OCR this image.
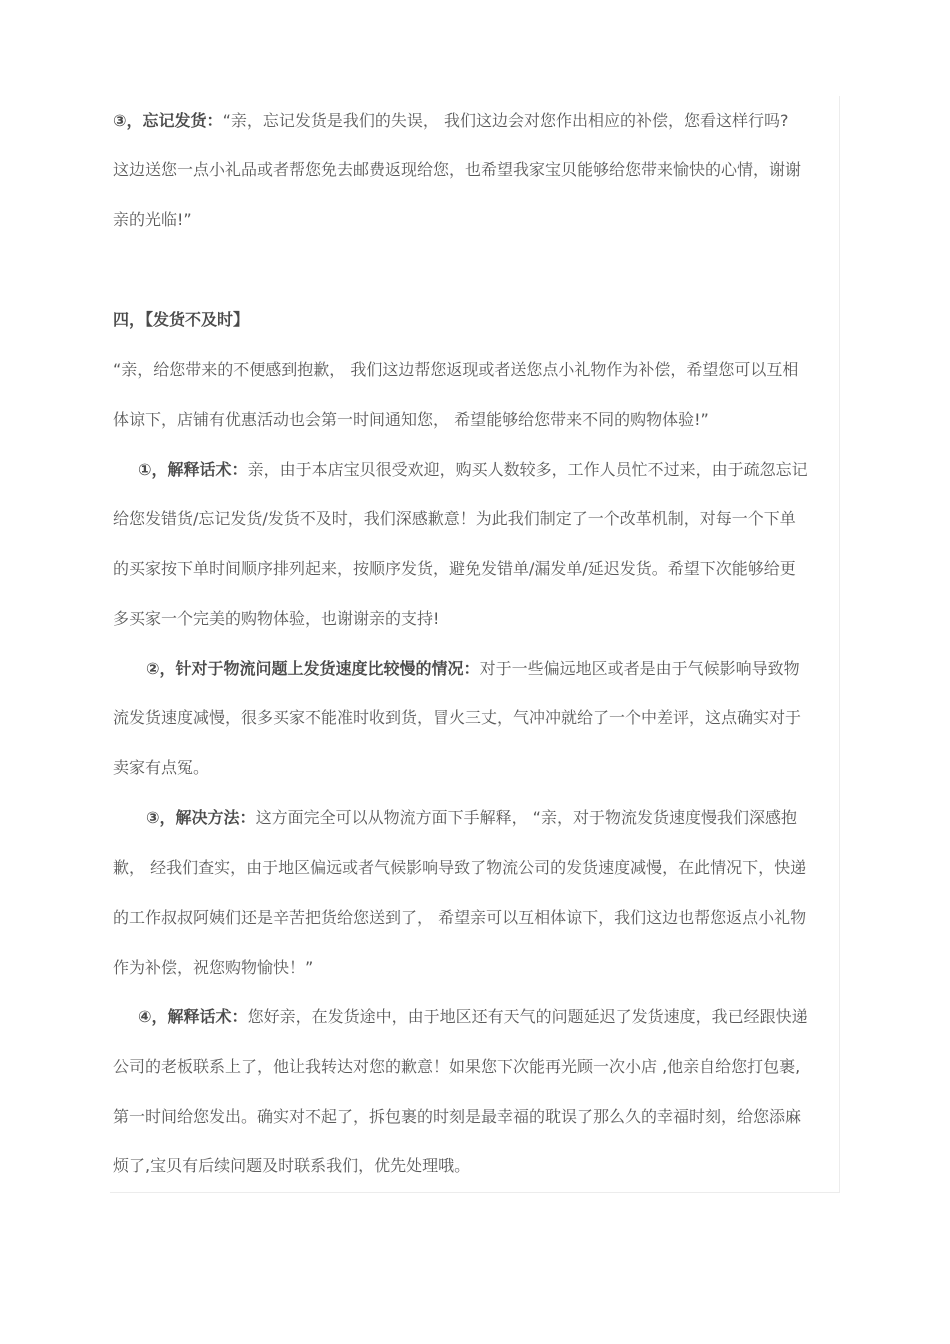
③，忘记发货：“亲，忘记发货是我们的失误， 我们这边会对您作出相应的补偿，您看这样行吗?
这边送您一点小礼品或者帮您免去邮费返现给您，也希望我家宝贝能够给您带来愉快的心情，谢谢
亲的光临!”
四，【发货不及时】
“亲，给您带来的不便感到抱歉， 我们这边帮您返现或者送您点小礼物作为补偿，希望您可以互相
体谅下，店铺有优惠活动也会第一时间通知您， 希望能够给您带来不同的购物体验!”
①，解释话术：亲，由于本店宝贝很受欢迎，购买人数较多，工作人员忙不过来，由于疏忽忘记
给您发错货/忘记发货/发货不及时，我们深感歉意！为此我们制定了一个改革机制，对每一个下单
的买家按下单时间顺序排列起来，按顺序发货，避免发错单/漏发单/延迟发货。希望下次能够给更
多买家一个完美的购物体验，也谢谢亲的支持!
②，针对于物流问题上发货速度比较慢的情况：对于一些偏远地区或者是由于气候影响导致物
流发货速度减慢，很多买家不能准时收到货，冒火三丈，气冲冲就给了一个中差评，这点确实对于
卖家有点冤。
③，解决方法：这方面完全可以从物流方面下手解释， “亲，对于物流发货速度慢我们深感抱
歉， 经我们查实，由于地区偏远或者气候影响导致了物流公司的发货速度减慢，在此情况下，快递
的工作叔叔阿姨们还是辛苦把货给您送到了， 希望亲可以互相体谅下，我们这边也帮您返点小礼物
作为补偿，祝您购物愉快！”
④，解释话术：您好亲，在发货途中，由于地区还有天气的问题延迟了发货速度，我已经跟快递
公司的老板联系上了，他让我转达对您的歉意！如果您下次能再光顾一次小店 ,他亲自给您打包裹,
第一时间给您发出。确实对不起了，拆包裹的时刻是最幸福的耽误了那么久的幸福时刻，给您添麻
烦了,宝贝有后续问题及时联系我们，优先处理哦。
